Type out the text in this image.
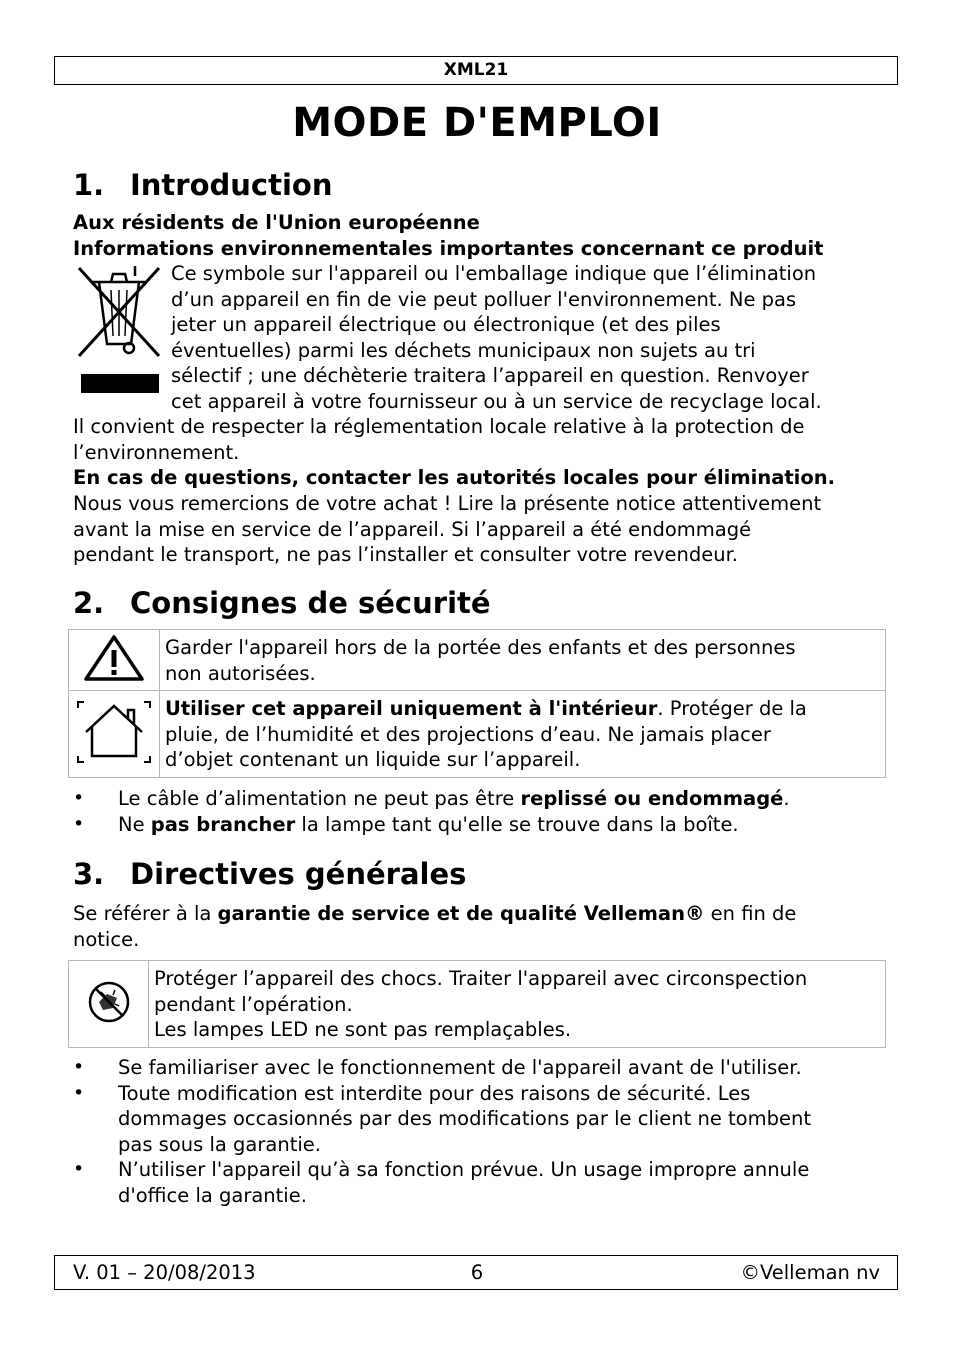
XML21
MODE D'EMPLOI
1. Introduction
Aux résidents de l'Union européenne
Informations environnementales importantes concernant ce produit
Ce symbole sur l'appareil ou l'emballage indique que l’élimination
d’un appareil en fin de vie peut polluer l'environnement. Ne pas
jeter un appareil électrique ou électronique (et des piles
éventuelles) parmi les déchets municipaux non sujets au tri
sélectif ; une déchèterie traitera l’appareil en question. Renvoyer
cet appareil à votre fournisseur ou à un service de recyclage local.
Il convient de respecter la réglementation locale relative à la protection de
l’environnement.
En cas de questions, contacter les autorités locales pour élimination.
Nous vous remercions de votre achat ! Lire la présente notice attentivement
avant la mise en service de l’appareil. Si l’appareil a été endommagé
pendant le transport, ne pas l’installer et consulter votre revendeur.
2. Consignes de sécurité

Garder l'appareil hors de la portée des enfants et des personnes
non autorisées.

Utiliser cet appareil uniquement à l'intérieur. Protéger de la
pluie, de l’humidité et des projections d’eau. Ne jamais placer
d’objet contenant un liquide sur l’appareil.
• Le câble d’alimentation ne peut pas être replissé ou endommagé.
• Ne pas brancher la lampe tant qu'elle se trouve dans la boîte.
3. Directives générales
Se référer à la garantie de service et de qualité Velleman® en fin de
notice.

Protéger l’appareil des chocs. Traiter l'appareil avec circonspection
pendant l’opération.
Les lampes LED ne sont pas remplaçables.
• Se familiariser avec le fonctionnement de l'appareil avant de l'utiliser.
• Toute modification est interdite pour des raisons de sécurité. Les
dommages occasionnés par des modifications par le client ne tombent
pas sous la garantie.
• N’utiliser l'appareil qu’à sa fonction prévue. Un usage impropre annule
d'office la garantie.
V. 01 – 20/08/2013	6	©Velleman nv
